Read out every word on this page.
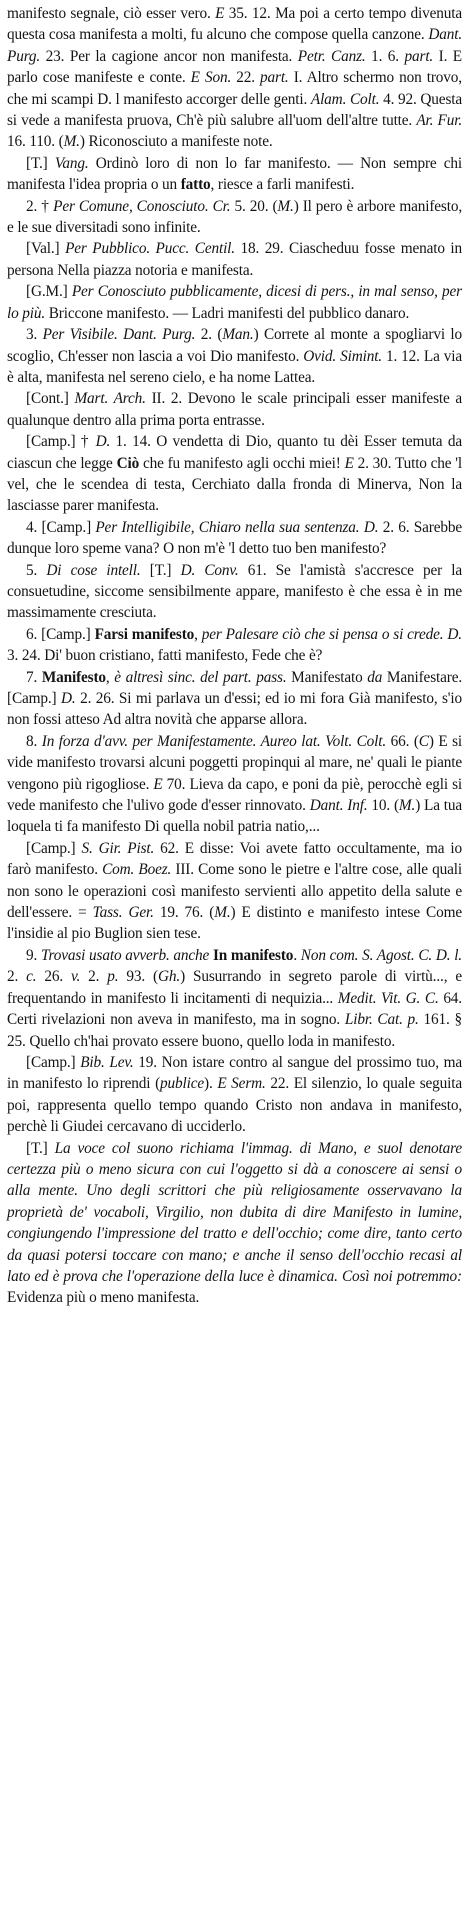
manifesto segnale, ciò esser vero. E 35. 12. Ma poi a certo tempo divenuta questa cosa manifesta a molti, fu alcuno che compose quella canzone. Dant. Purg. 23. Per la cagione ancor non manifesta. Petr. Canz. 1. 6. part. I. E parlo cose manifeste e conte. E Son. 22. part. I. Altro schermo non trovo, che mi scampi D. l manifesto accorger delle genti. Alam. Colt. 4. 92. Questa si vede a manifesta pruova, Ch'è più salubre all'uom dell'altre tutte. Ar. Fur. 16. 110. (M.) Riconosciuto a manifeste note.

[T.] Vang. Ordinò loro di non lo far manifesto. — Non sempre chi manifesta l'idea propria o un fatto, riesce a farli manifesti.

2. † Per Comune, Conosciuto. Cr. 5. 20. (M.) Il pero è arbore manifesto, e le sue diversitadi sono infinite.

[Val.] Per Pubblico. Pucc. Centil. 18. 29. Ciascheduu fosse menato in persona Nella piazza notoria e manifesta.

[G.M.] Per Conosciuto pubblicamente, dicesi di pers., in mal senso, per lo più. Briccone manifesto. — Ladri manifesti del pubblico danaro.

3. Per Visibile. Dant. Purg. 2. (Man.) Correte al monte a spogliarvi lo scoglio, Ch'esser non lascia a voi Dio manifesto. Ovid. Simint. 1. 12. La via è alta, manifesta nel sereno cielo, e ha nome Lattea.

[Cont.] Mart. Arch. II. 2. Devono le scale principali esser manifeste a qualunque dentro alla prima porta entrasse.

[Camp.] † D. 1. 14. O vendetta di Dio, quanto tu dèi Esser temuta da ciascun che legge Ciò che fu manifesto agli occhi miei! E 2. 30. Tutto che 'l vel, che le scendea di testa, Cerchiato dalla fronda di Minerva, Non la lasciasse parer manifesta.

4. [Camp.] Per Intelligibile, Chiaro nella sua sentenza. D. 2. 6. Sarebbe dunque loro speme vana? O non m'è 'l detto tuo ben manifesto?

5. Di cose intell. [T.] D. Conv. 61. Se l'amistà s'accresce per la consuetudine, siccome sensibilmente appare, manifesto è che essa è in me massimamente cresciuta.

6. [Camp.] Farsi manifesto, per Palesare ciò che si pensa o si crede. D. 3. 24. Di' buon cristiano, fatti manifesto, Fede che è?

7. Manifesto, è altresì sinc. del part. pass. Manifestato da Manifestare. [Camp.] D. 2. 26. Si mi parlava un d'essi; ed io mi fora Già manifesto, s'io non fossi atteso Ad altra novità che apparse allora.

8. In forza d'avv. per Manifestamente. Aureo lat. Volt. Colt. 66. (C) E si vide manifesto trovarsi alcuni poggetti propinqui al mare, ne' quali le piante vengono più rigogliose. E 70. Lieva da capo, e poni da piè, perocchè egli si vede manifesto che l'ulivo gode d'esser rinnovato. Dant. Inf. 10. (M.) La tua loquela ti fa manifesto Di quella nobil patria natio,...

[Camp.] S. Gir. Pist. 62. E disse: Voi avete fatto occultamente, ma io farò manifesto. Com. Boez. III. Come sono le pietre e l'altre cose, alle quali non sono le operazioni così manifesto servienti allo appetito della salute e dell'essere. = Tass. Ger. 19. 76. (M.) E distinto e manifesto intese Come l'insidie al pio Buglion sien tese.

9. Trovasi usato avverb. anche In manifesto. Non com. S. Agost. C. D. l. 2. c. 26. v. 2. p. 93. (Gh.) Susurrando in segreto parole di virtù..., e frequentando in manifesto li incitamenti di nequizia... Medit. Vit. G. C. 64. Certi rivelazioni non aveva in manifesto, ma in sogno. Libr. Cat. p. 161. § 25. Quello ch'hai provato essere buono, quello loda in manifesto.

[Camp.] Bib. Lev. 19. Non istare contro al sangue del prossimo tuo, ma in manifesto lo riprendi (publice). E Serm. 22. El silenzio, lo quale seguita poi, rappresenta quello tempo quando Cristo non andava in manifesto, perchè li Giudei cercavano di ucciderlo.

[T.] La voce col suono richiama l'immag. di Mano, e suol denotare certezza più o meno sicura con cui l'oggetto si dà a conoscere ai sensi o alla mente. Uno degli scrittori che più religiosamente osservavano la proprietà de' vocaboli, Virgilio, non dubita di dire Manifesto in lumine, congiungendo l'impressione del tratto e dell'occhio; come dire, tanto certo da quasi potersi toccare con mano; e anche il senso dell'occhio recasi al lato ed è prova che l'operazione della luce è dinamica. Così noi potremmo: Evidenza più o meno manifesta.
